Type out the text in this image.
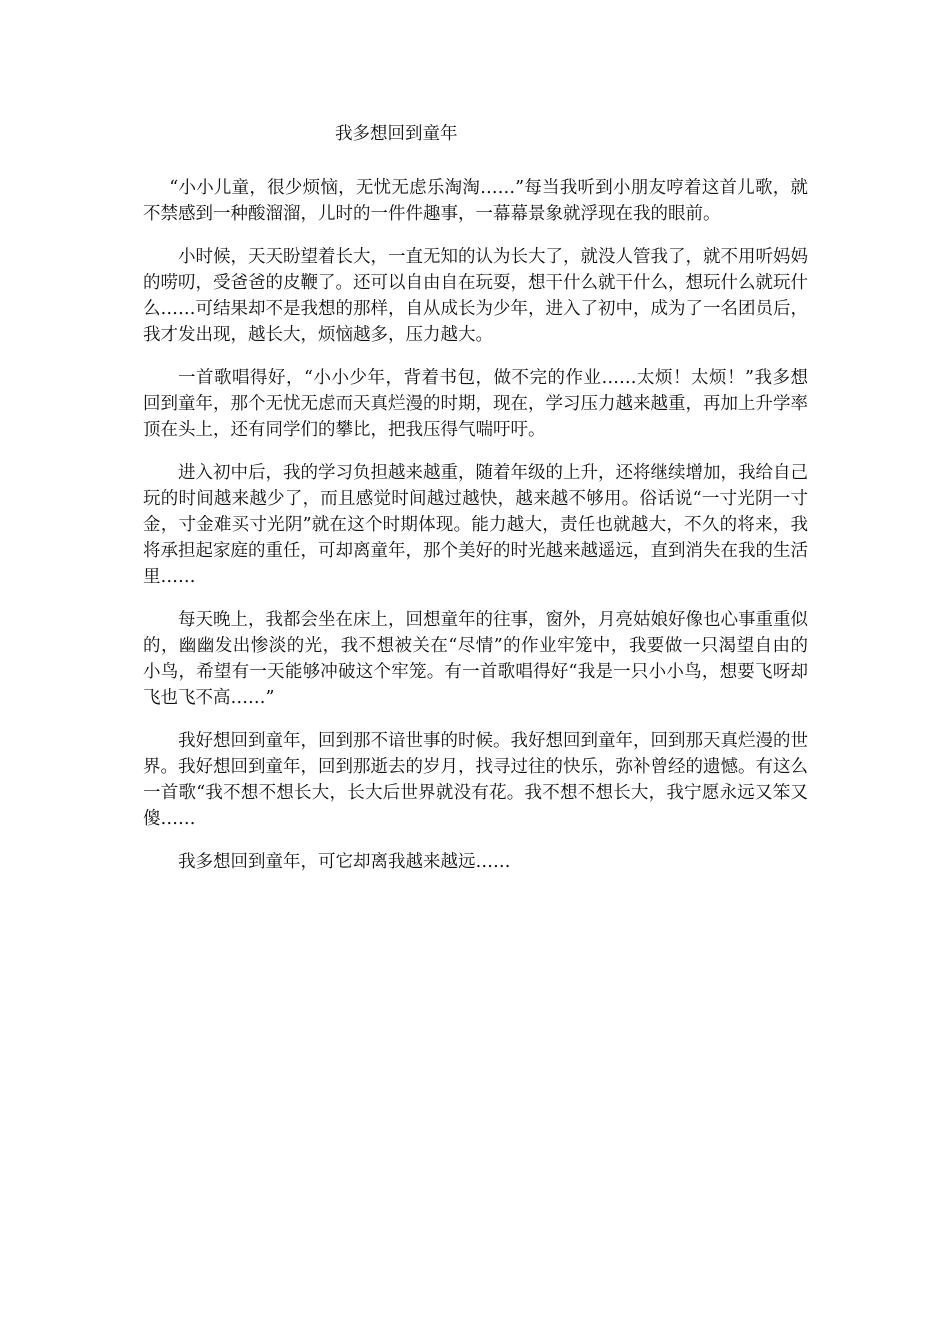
我多想回到童年

“小小儿童，很少烦恼，无忧无虑乐淘淘……”每当我听到小朋友哼着这首儿歌，就不禁感到一种酸溜溜，儿时的一件件趣事，一幕幕景象就浮现在我的眼前。

小时候，天天盼望着长大，一直无知的认为长大了，就没人管我了，就不用听妈妈的唠叨，受爸爸的皮鞭了。还可以自由自在玩耍，想干什么就干什么，想玩什么就玩什么……可结果却不是我想的那样，自从成长为少年，进入了初中，成为了一名团员后，我才发出现，越长大，烦恼越多，压力越大。

一首歌唱得好，“小小少年，背着书包，做不完的作业……太烦！太烦！”我多想回到童年，那个无忧无虑而天真烂漫的时期，现在，学习压力越来越重，再加上升学率顶在头上，还有同学们的攀比，把我压得气喘吁吁。

进入初中后，我的学习负担越来越重，随着年级的上升，还将继续增加，我给自己玩的时间越来越少了，而且感觉时间越过越快，越来越不够用。俗话说“一寸光阴一寸金，寸金难买寸光阴”就在这个时期体现。能力越大，责任也就越大，不久的将来，我将承担起家庭的重任，可却离童年，那个美好的时光越来越遥远，直到消失在我的生活里……

每天晚上，我都会坐在床上，回想童年的往事，窗外，月亮姑娘好像也心事重重似的，幽幽发出惨淡的光，我不想被关在“尽情”的作业牢笼中，我要做一只渴望自由的小鸟，希望有一天能够冲破这个牢笼。有一首歌唱得好“我是一只小小鸟，想要飞呀却飞也飞不高……”

我好想回到童年，回到那不谙世事的时候。我好想回到童年，回到那天真烂漫的世界。我好想回到童年，回到那逝去的岁月，找寻过往的快乐，弥补曾经的遗憾。有这么一首歌“我不想不想长大，长大后世界就没有花。我不想不想长大，我宁愿永远又笨又傻……

我多想回到童年，可它却离我越来越远……
